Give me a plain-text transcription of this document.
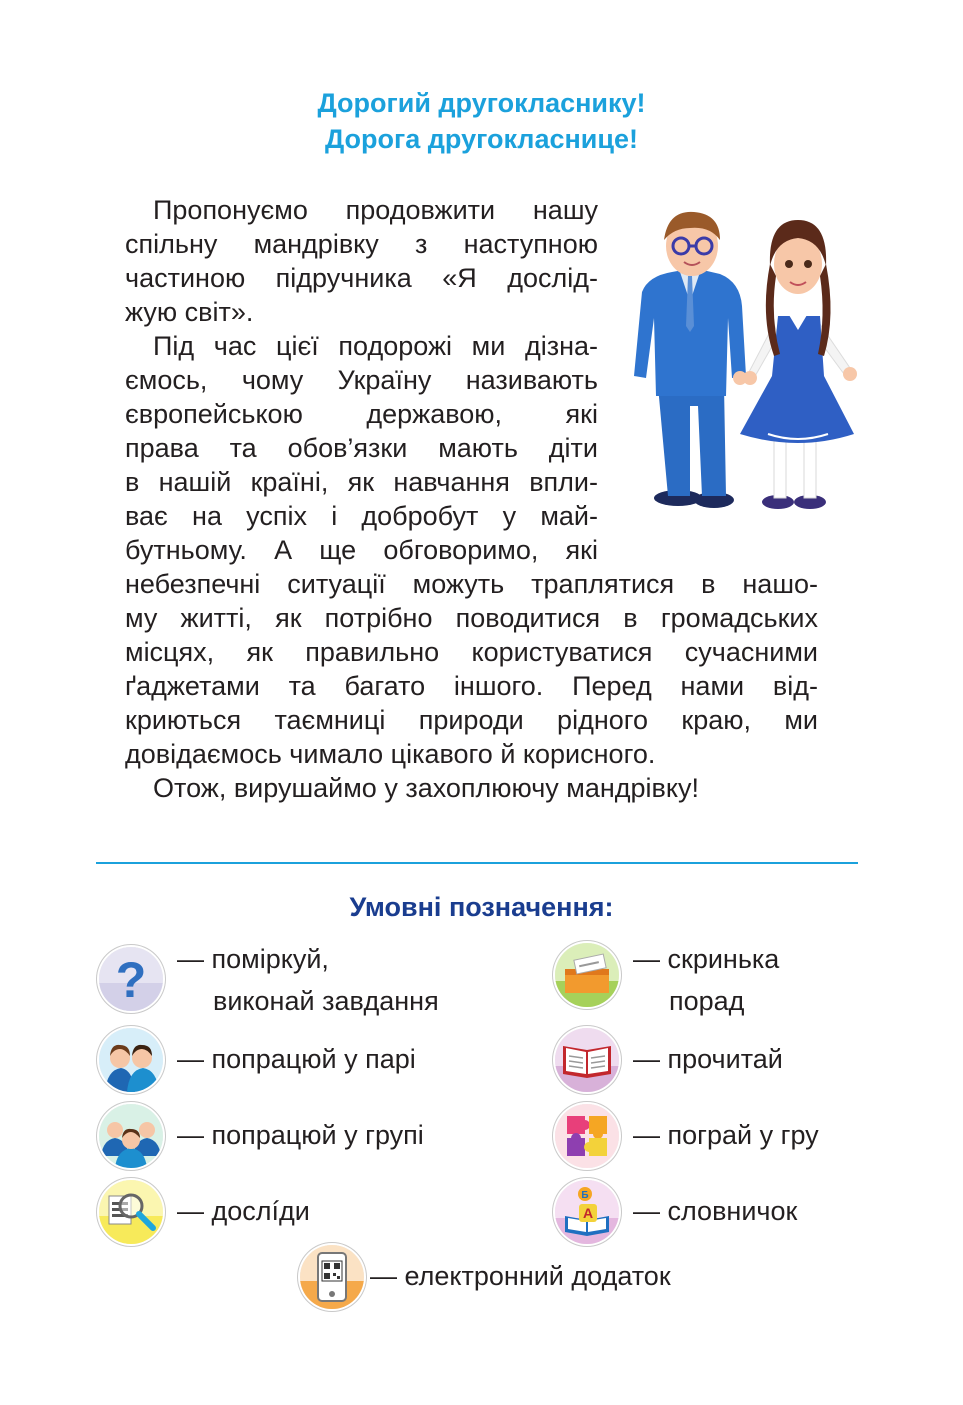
Дорогий другокласнику!
Дорога другокласнице!
Пропонуємо продовжити нашу
спільну мандрівку з наступною
частиною підручника «Я дослід-
жую світ».
Під час цієї подорожі ми дізна-
ємось, чому Україну називають
європейською державою, які
права та обов’язки мають діти
в нашій країні, як навчання впли-
ває на успіх і добробут у май-
бутньому. А ще обговоримо, які
небезпечні ситуації можуть траплятися в нашо-
му житті, як потрібно поводитися в громадських
місцях, як правильно користуватися сучасними
ґаджетами та багато іншого. Перед нами від-
криються таємниці природи рідного краю, ми
довідаємось чимало цікавого й корисного.
Отож, вирушаймо у захоплюючу мандрівку!
Умовні позначення:
? — поміркуй,
виконай завдання
— попрацюй у парі
— попрацюй у групі
— дослíди
— скринька
порад
— прочитай
— пограй у гру
А
Б
— словничок
— електронний додаток
